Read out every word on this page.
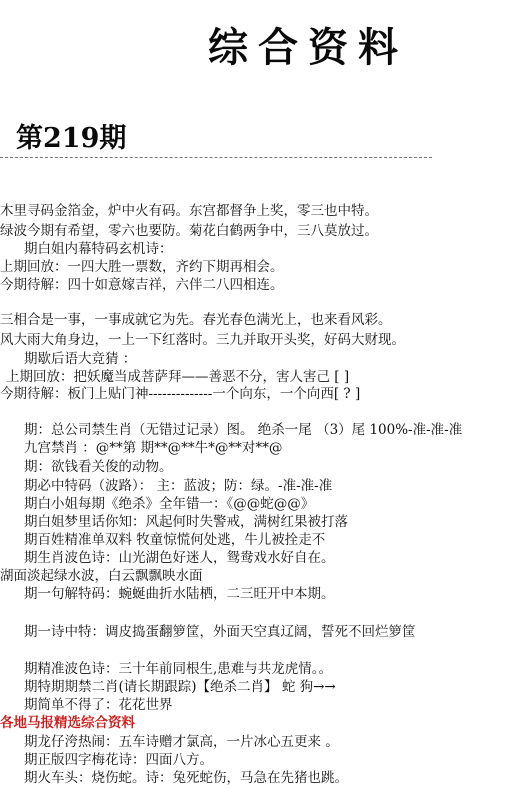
综合资料
第219期
木里寻码金箔金，炉中火有码。东宫都督争上奖，零三也中特。
绿波今期有希望，零六也要防。菊花白鹤两争中，三八莫放过。
期白姐内幕特码玄机诗：
上期回放：一四大胜一票数，齐约下期再相会。
今期待解：四十如意嫁吉祥，六伴二八四相连。
三相合是一事，一事成就它为先。春光春色满光上，也来看风彩。
风大雨大角身边，一上一下红落时。三九并取开头奖，好码大财现。
期歇后语大竞猜 ：
上期回放：把妖魔当成菩萨拜——善恶不分，害人害己 [ ]
今期待解：板门上贴门神--------------一个向东，一个向西[ ? ]
期：总公司禁生肖（无错过记录）图。 绝杀一尾 （3）尾 100%-准-准-准
九宫禁肖 ：@**第 期**@**牛*@**对**@
期：欲钱看关俊的动物。
期必中特码（波路）： 主：蓝波；防：绿。-准-准-准
期白小姐每期《绝杀》全年错一：《@@蛇@@》
期白姐梦里话你知：风起何时失警戒，满树红果被打落
期百姓精准单双料 牧童惊慌何处逃，牛儿被拴走不
期生肖波色诗：山光湖色好迷人，鸳鸯戏水好自在。
湖面淡起绿水波，白云飘飘映水面
期一句解特码：蜿蜒曲折水陆栖，二三旺开中本期。
期一诗中特：调皮捣蛋翻箩筐，外面天空真辽阔，誓死不回烂箩筐
期精准波色诗：三十年前同根生,患难与共龙虎情。。
期特期期禁二肖(请长期跟踪)【绝杀二肖】 蛇 狗→→
期简单不得了：花花世界
各地马报精选综合资料
期龙仔洿热闹：五车诗赠才氯高，一片冰心五更来 。
期正版四字梅花诗：四面八方。
期火车头：烧伤蛇。诗：兔死蛇伤，马急在先猪也跳。
